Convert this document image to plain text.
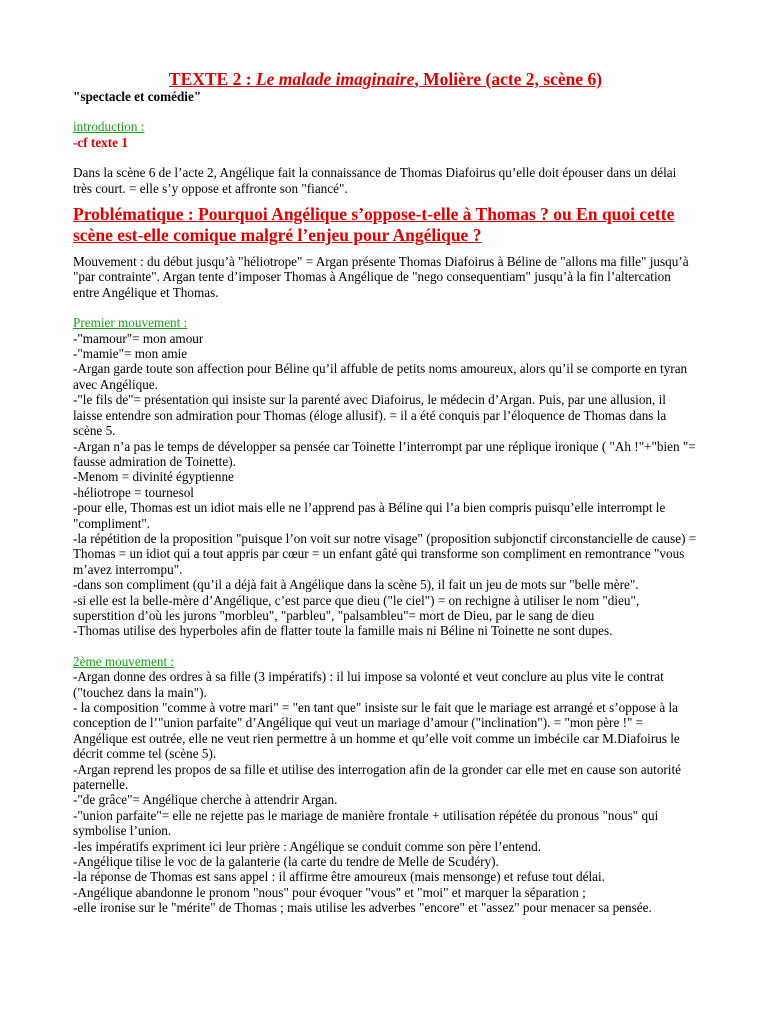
TEXTE 2 : Le malade imaginaire, Molière (acte 2, scène 6)

"spectacle et comédie"

introduction :

-cf texte 1

Dans la scène 6 de l’acte 2, Angélique fait la connaissance de Thomas Diafoirus qu’elle doit épouser dans un délai très court. = elle s’y oppose et affronte son "fiancé".

Problématique : Pourquoi Angélique s’oppose-t-elle à Thomas ? ou En quoi cette scène est-elle comique malgré l’enjeu pour Angélique ?

Mouvement : du début jusqu’à "héliotrope" = Argan présente Thomas Diafoirus à Béline de "allons ma fille" jusqu’à "par contrainte". Argan tente d’imposer Thomas à Angélique de "nego consequentiam" jusqu’à la fin l’altercation entre Angélique et Thomas.

Premier mouvement :

-"mamour"= mon amour

-"mamie"= mon amie

-Argan garde toute son affection pour Béline qu’il affuble de petits noms amoureux, alors qu’il se comporte en tyran avec Angélique.

-"le fils de"= présentation qui insiste sur la parenté avec Diafoirus, le médecin d’Argan. Puis, par une allusion, il laisse entendre son admiration pour Thomas (éloge allusif). = il a été conquis par l’éloquence de Thomas dans la scène 5.

-Argan n’a pas le temps de développer sa pensée car Toinette l’interrompt par une réplique ironique ( "Ah !"+"bien "= fausse admiration de Toinette).

-Menom = divinité égyptienne

-héliotrope = tournesol

-pour elle, Thomas est un idiot mais elle ne l’apprend pas à Béline qui l’a bien compris puisqu’elle interrompt le "compliment".

-la répétition de la proposition "puisque l’on voit sur notre visage" (proposition subjonctif circonstancielle de cause) = Thomas = un idiot qui a tout appris par cœur = un enfant gâté qui transforme son compliment en remontrance "vous m’avez interrompu".

-dans son compliment (qu’il a déjà fait à Angélique dans la scène 5), il fait un jeu de mots sur "belle mère".

-si elle est la belle-mère d’Angélique, c’est parce que dieu ("le ciel") = on rechigne à utiliser le nom "dieu", superstition d’où les jurons "morbleu", "parbleu", "palsambleu"= mort de Dieu, par le sang de dieu

-Thomas utilise des hyperboles afin de flatter toute la famille mais ni Béline ni Toinette ne sont dupes.

2ème mouvement :

-Argan donne des ordres à sa fille (3 impératifs) : il lui impose sa volonté et veut conclure au plus vite le contrat ("touchez dans la main").

- la composition "comme à votre mari" = "en tant que" insiste sur le fait que le mariage est arrangé et s’oppose à la conception de l’"union parfaite" d’Angélique qui veut un mariage d’amour ("inclination"). = "mon père !" = Angélique est outrée, elle ne veut rien permettre à un homme et qu’elle voit comme un imbécile car M.Diafoirus le décrit comme tel (scène 5).

-Argan reprend les propos de sa fille et utilise des interrogation afin de la gronder car elle met en cause son autorité paternelle.

-"de grâce"= Angélique cherche à attendrir Argan.

-"union parfaite"= elle ne rejette pas le mariage de manière frontale + utilisation répétée du pronous "nous" qui symbolise l’union.

-les impératifs expriment ici leur prière : Angélique se conduit comme son père l’entend.

-Angélique tilise le voc de la galanterie (la carte du tendre de Melle de Scudéry).

-la réponse de Thomas est sans appel : il affirme être amoureux (mais mensonge) et refuse tout délai.

-Angélique abandonne le pronom "nous" pour évoquer "vous" et "moi" et marquer la séparation ;

-elle ironise sur le "mérite" de Thomas ; mais utilise les adverbes "encore" et "assez" pour menacer sa pensée.
